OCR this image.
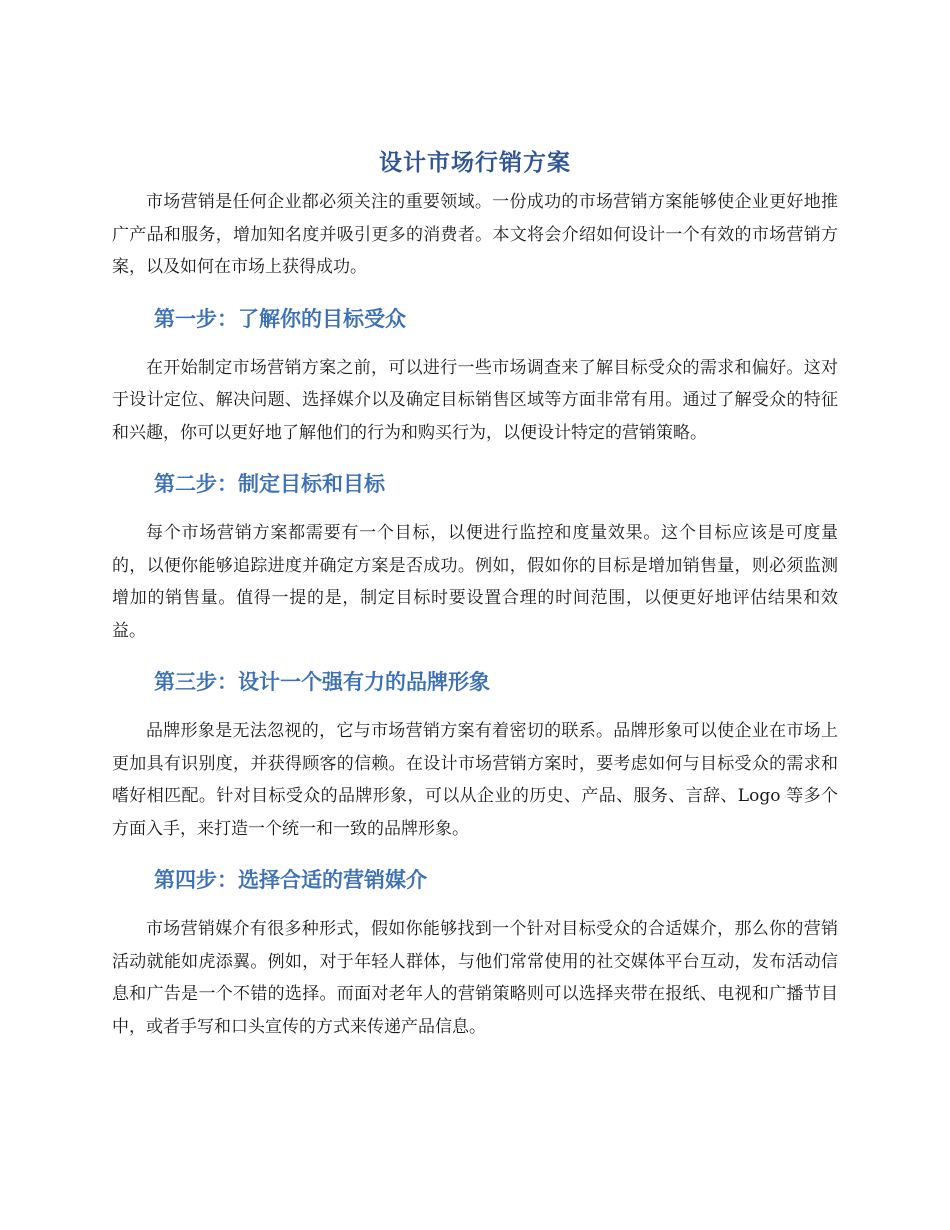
设计市场行销方案

市场营销是任何企业都必须关注的重要领域。一份成功的市场营销方案能够使企业更好地推广产品和服务，增加知名度并吸引更多的消费者。本文将会介绍如何设计一个有效的市场营销方案，以及如何在市场上获得成功。

第一步：了解你的目标受众

在开始制定市场营销方案之前，可以进行一些市场调查来了解目标受众的需求和偏好。这对于设计定位、解决问题、选择媒介以及确定目标销售区域等方面非常有用。通过了解受众的特征和兴趣，你可以更好地了解他们的行为和购买行为，以便设计特定的营销策略。

第二步：制定目标和目标

每个市场营销方案都需要有一个目标，以便进行监控和度量效果。这个目标应该是可度量的，以便你能够追踪进度并确定方案是否成功。例如，假如你的目标是增加销售量，则必须监测增加的销售量。值得一提的是，制定目标时要设置合理的时间范围，以便更好地评估结果和效益。

第三步：设计一个强有力的品牌形象

品牌形象是无法忽视的，它与市场营销方案有着密切的联系。品牌形象可以使企业在市场上更加具有识别度，并获得顾客的信赖。在设计市场营销方案时，要考虑如何与目标受众的需求和嗜好相匹配。针对目标受众的品牌形象，可以从企业的历史、产品、服务、言辞、Logo 等多个方面入手，来打造一个统一和一致的品牌形象。

第四步：选择合适的营销媒介

市场营销媒介有很多种形式，假如你能够找到一个针对目标受众的合适媒介，那么你的营销活动就能如虎添翼。例如，对于年轻人群体，与他们常常使用的社交媒体平台互动，发布活动信息和广告是一个不错的选择。而面对老年人的营销策略则可以选择夹带在报纸、电视和广播节目中，或者手写和口头宣传的方式来传递产品信息。
